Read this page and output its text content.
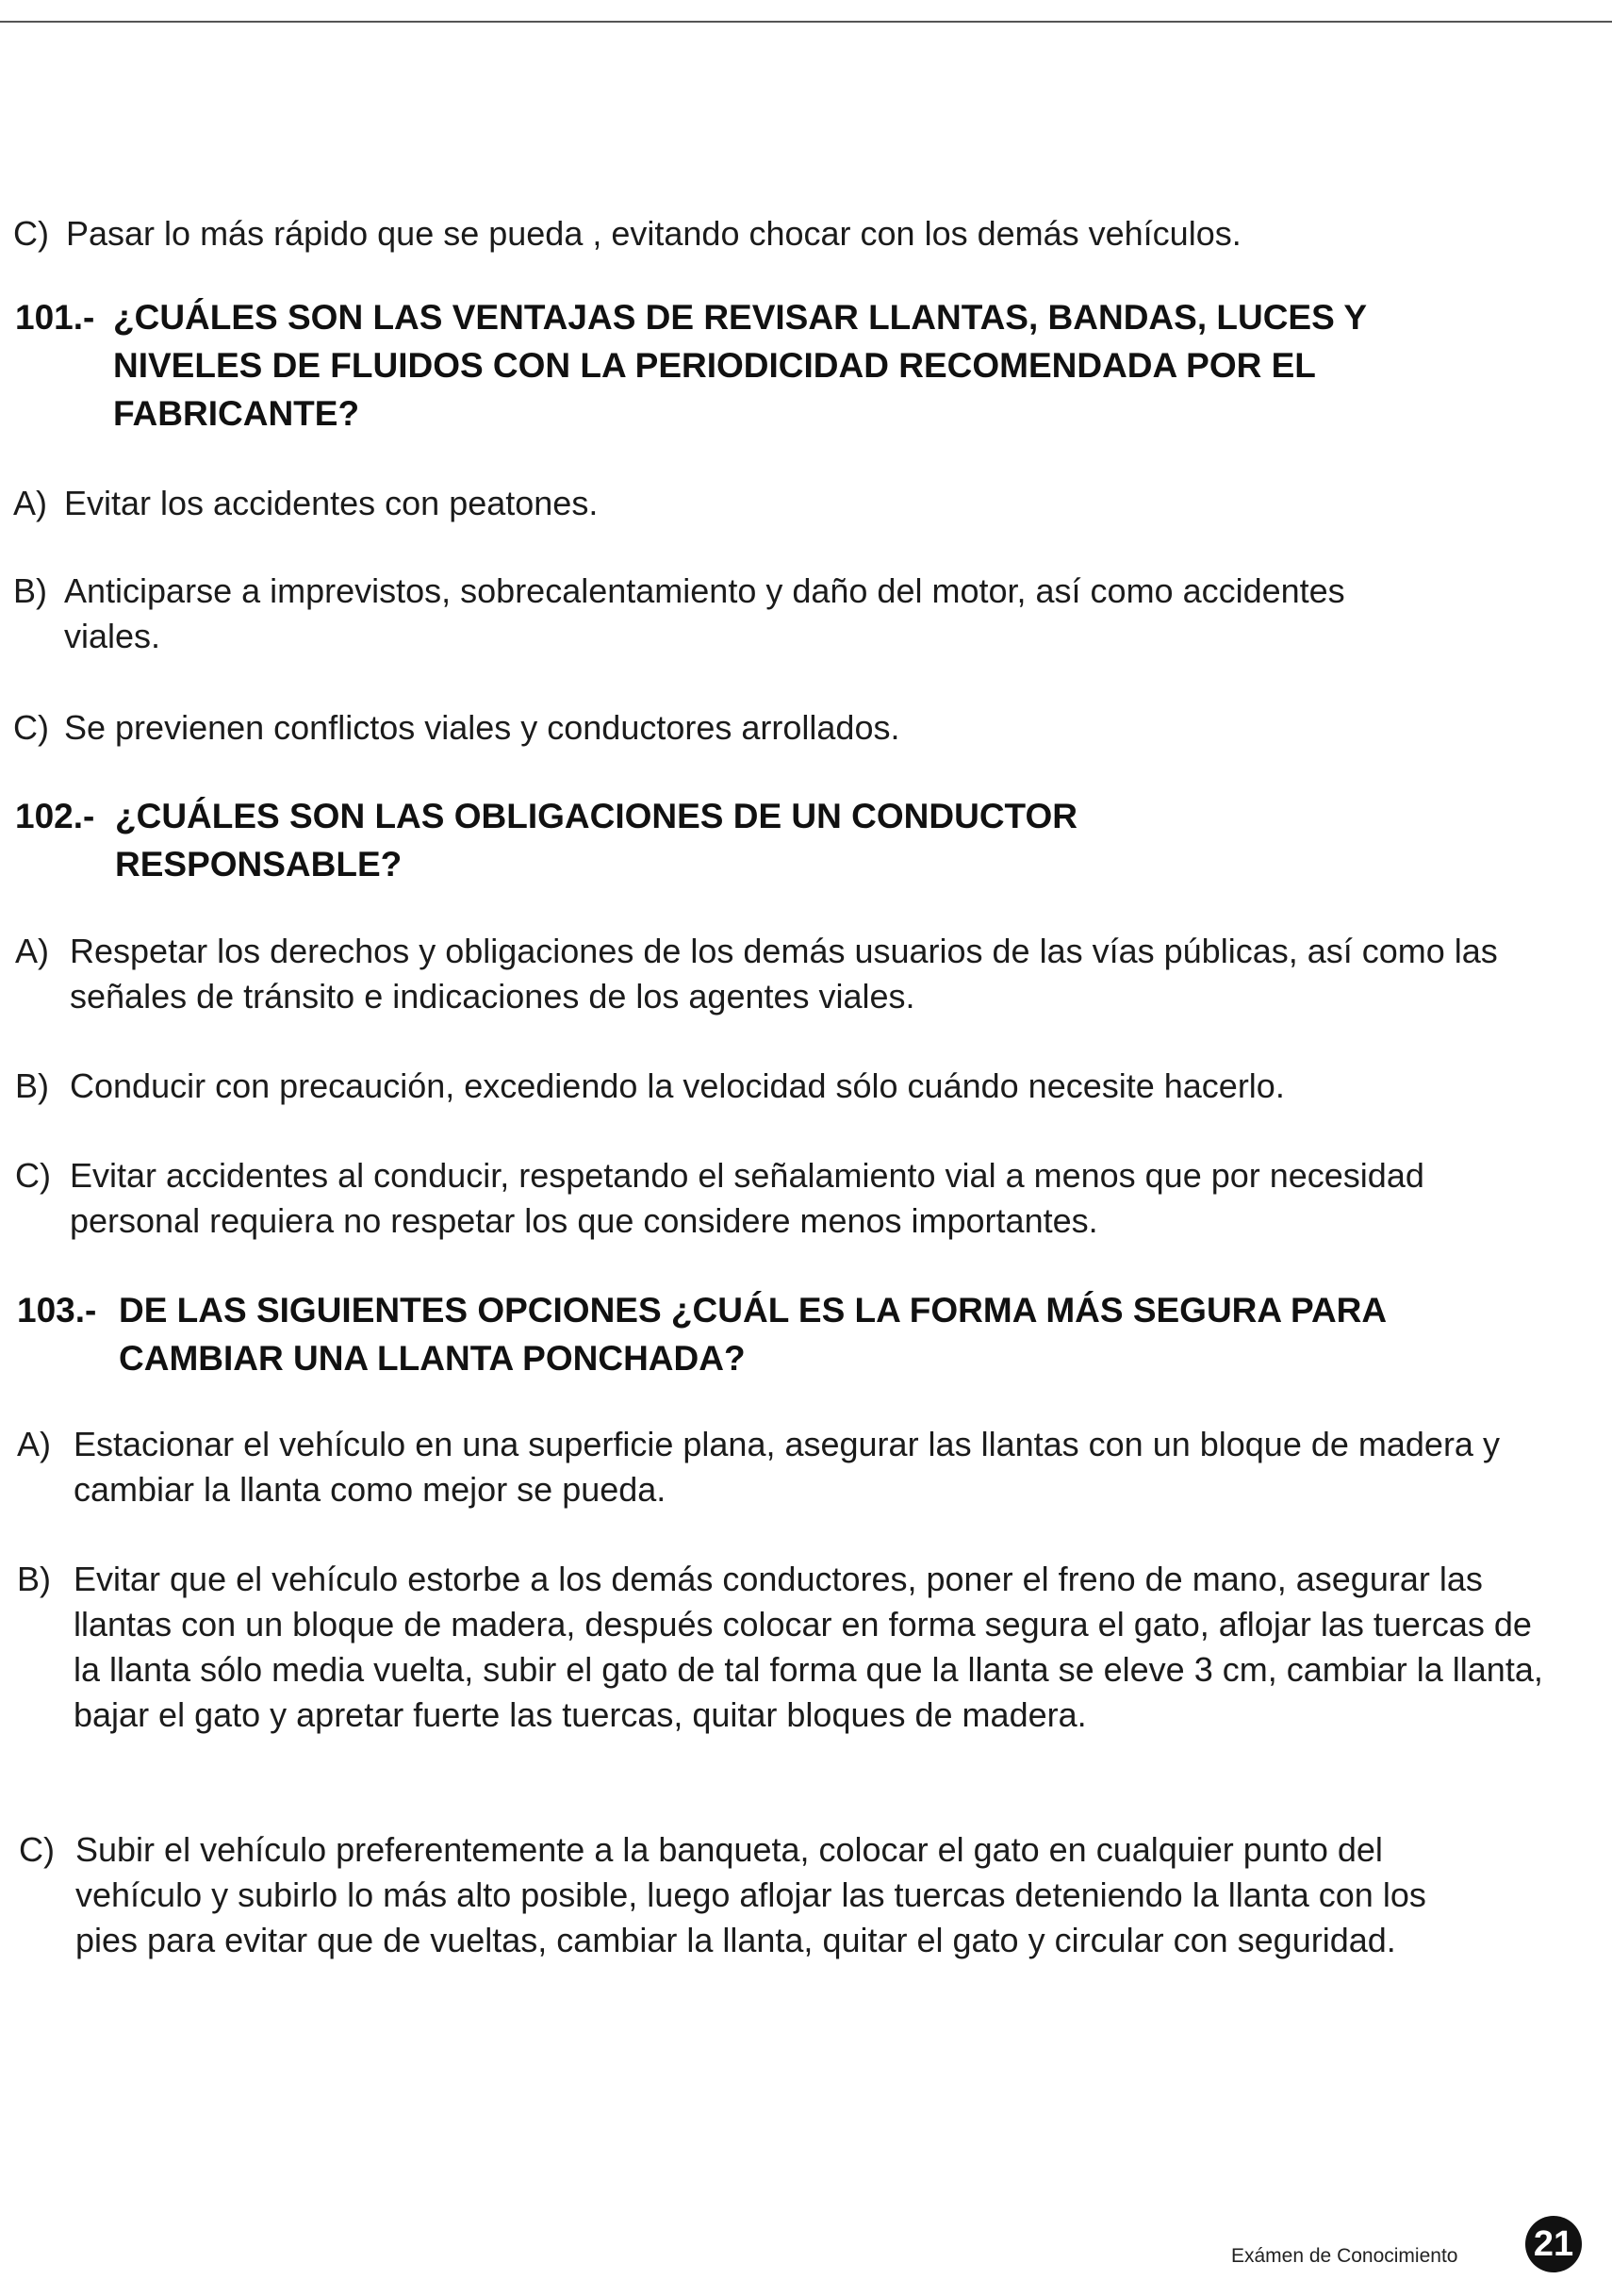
C) Pasar lo más rápido que se pueda , evitando chocar con los demás vehículos.
101.- ¿CUÁLES SON LAS VENTAJAS DE REVISAR LLANTAS, BANDAS, LUCES Y NIVELES DE FLUIDOS CON LA PERIODICIDAD RECOMENDADA POR EL FABRICANTE?
A) Evitar los accidentes con peatones.
B) Anticiparse a imprevistos, sobrecalentamiento y daño del motor, así como accidentes viales.
C) Se previenen conflictos viales y conductores arrollados.
102.- ¿CUÁLES SON LAS OBLIGACIONES DE UN CONDUCTOR RESPONSABLE?
A) Respetar los derechos y obligaciones de los demás usuarios de las vías públicas, así como las señales de tránsito e indicaciones de los agentes viales.
B) Conducir con precaución, excediendo la velocidad sólo cuándo necesite hacerlo.
C) Evitar accidentes al conducir, respetando el señalamiento vial a menos que por necesidad personal requiera no respetar los que considere menos importantes.
103.- DE LAS SIGUIENTES OPCIONES ¿CUÁL ES LA FORMA MÁS SEGURA PARA CAMBIAR UNA LLANTA PONCHADA?
A) Estacionar el vehículo en una superficie plana, asegurar las llantas con un bloque de madera y cambiar la llanta como mejor se pueda.
B) Evitar que el vehículo estorbe a los demás conductores, poner el freno de mano, asegurar las llantas con un bloque de madera, después colocar en forma segura el gato, aflojar las tuercas de la llanta sólo media vuelta, subir el gato de tal forma que la llanta se eleve 3 cm, cambiar la llanta, bajar el gato y apretar fuerte las tuercas, quitar bloques de madera.
C) Subir el vehículo preferentemente a la banqueta, colocar el gato en cualquier punto del vehículo y subirlo lo más alto posible, luego aflojar las tuercas deteniendo la llanta con los pies para evitar que de vueltas, cambiar la llanta, quitar el gato y circular con seguridad.
Exámen de Conocimiento 21
